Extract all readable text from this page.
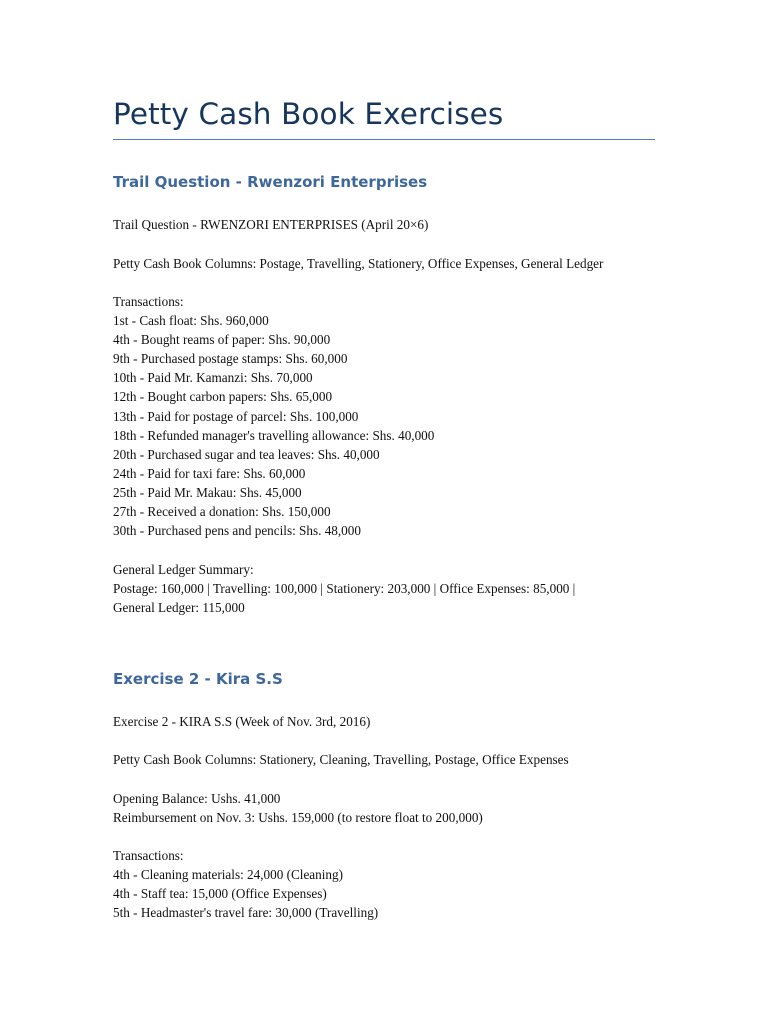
Petty Cash Book Exercises
Trail Question - Rwenzori Enterprises

Trail Question - RWENZORI ENTERPRISES (April 20×6)

Petty Cash Book Columns: Postage, Travelling, Stationery, Office Expenses, General Ledger

Transactions:
1st - Cash float: Shs. 960,000
4th - Bought reams of paper: Shs. 90,000
9th - Purchased postage stamps: Shs. 60,000
10th - Paid Mr. Kamanzi: Shs. 70,000
12th - Bought carbon papers: Shs. 65,000
13th - Paid for postage of parcel: Shs. 100,000
18th - Refunded manager's travelling allowance: Shs. 40,000
20th - Purchased sugar and tea leaves: Shs. 40,000
24th - Paid for taxi fare: Shs. 60,000
25th - Paid Mr. Makau: Shs. 45,000
27th - Received a donation: Shs. 150,000
30th - Purchased pens and pencils: Shs. 48,000
General Ledger Summary:
Postage: 160,000 | Travelling: 100,000 | Stationery: 203,000 | Office Expenses: 85,000 |
General Ledger: 115,000
Exercise 2 - Kira S.S

Exercise 2 - KIRA S.S (Week of Nov. 3rd, 2016)

Petty Cash Book Columns: Stationery, Cleaning, Travelling, Postage, Office Expenses

Opening Balance: Ushs. 41,000
Reimbursement on Nov. 3: Ushs. 159,000 (to restore float to 200,000)
Transactions:
4th - Cleaning materials: 24,000 (Cleaning)
4th - Staff tea: 15,000 (Office Expenses)
5th - Headmaster's travel fare: 30,000 (Travelling)
